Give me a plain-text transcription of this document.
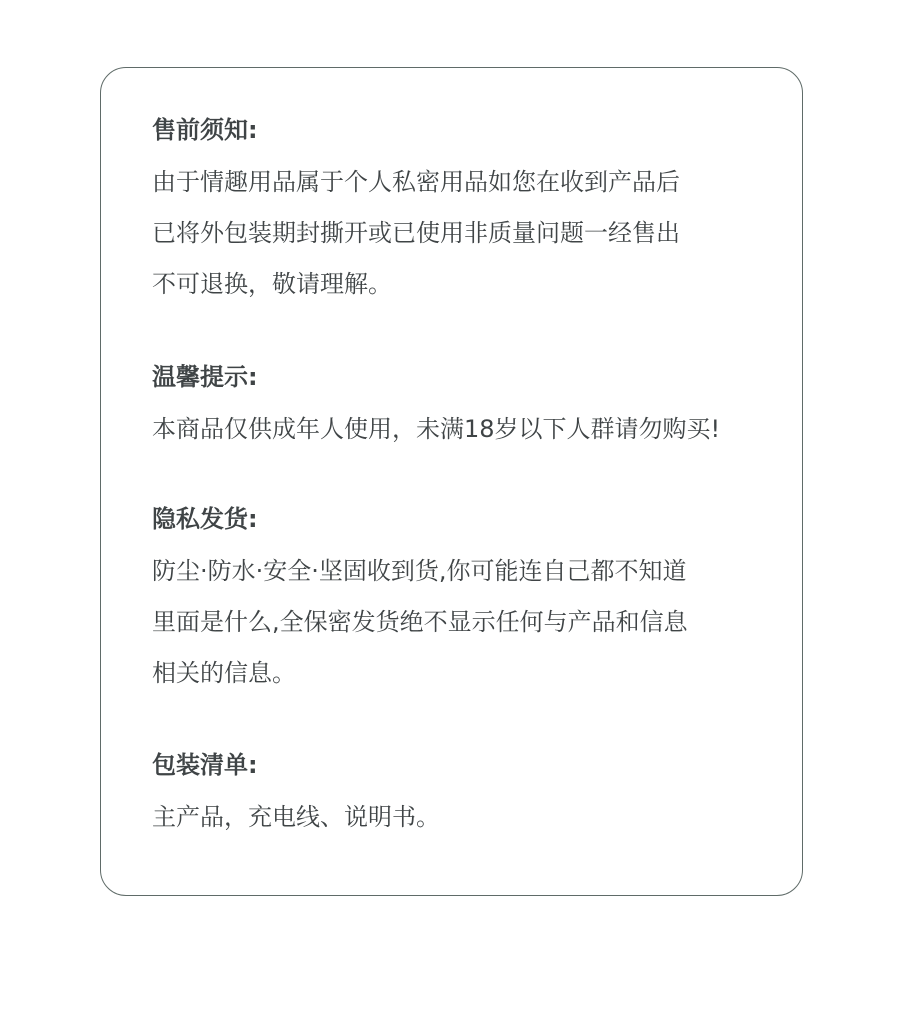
售前须知:

由于情趣用品属于个人私密用品如您在收到产品后
已将外包装期封撕开或已使用非质量问题一经售出
不可退换，敬请理解。

温馨提示:

本商品仅供成年人使用，未满18岁以下人群请勿购买!

隐私发货:

防尘·防水·安全·坚固收到货,你可能连自己都不知道
里面是什么,全保密发货绝不显示任何与产品和信息
相关的信息。

包装清单:

主产品，充电线、说明书。
